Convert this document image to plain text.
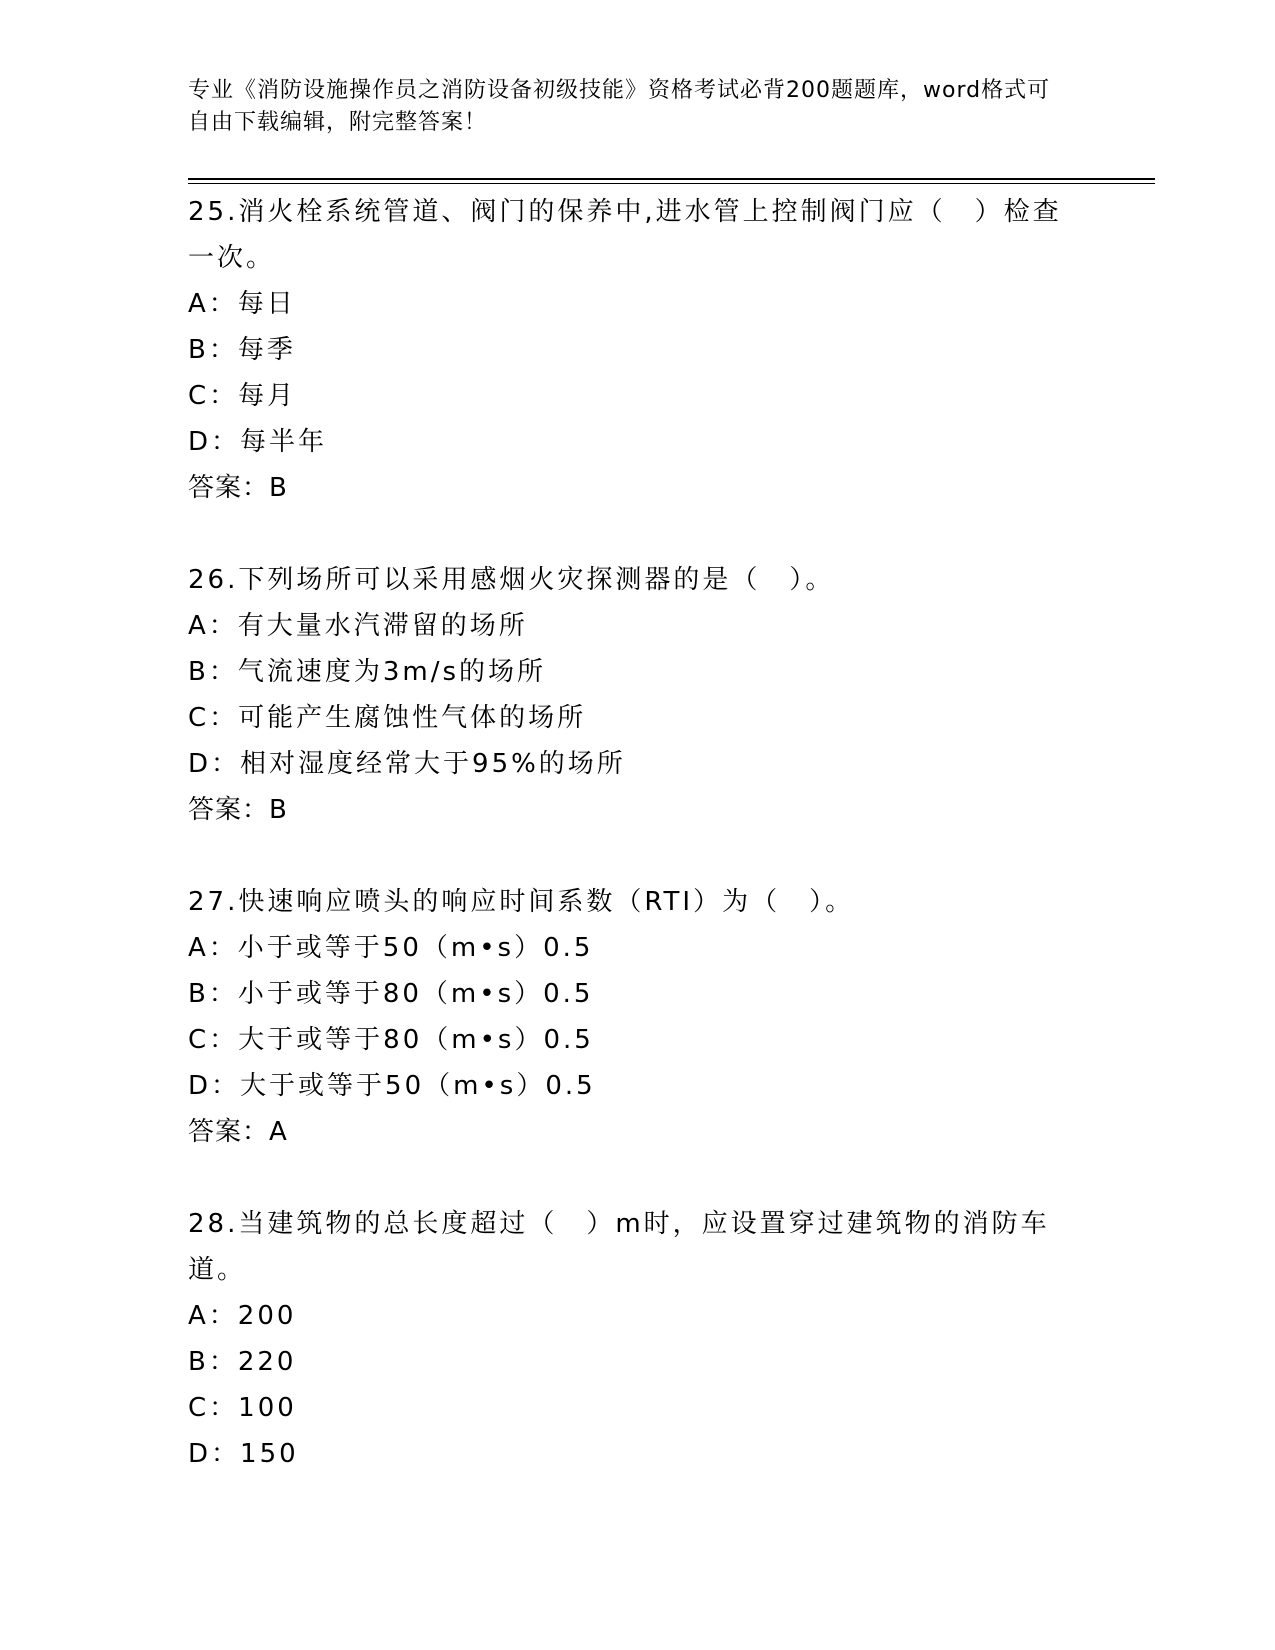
专业《消防设施操作员之消防设备初级技能》资格考试必背200题题库，word格式可自由下载编辑，附完整答案！
25.消火栓系统管道、阀门的保养中,进水管上控制阀门应（　）检查一次。
A：每日
B：每季
C：每月
D：每半年
答案：B
26.下列场所可以采用感烟火灾探测器的是（　）。
A：有大量水汽滞留的场所
B：气流速度为3m/s的场所
C：可能产生腐蚀性气体的场所
D：相对湿度经常大于95%的场所
答案：B
27.快速响应喷头的响应时间系数（RTI）为（　）。
A：小于或等于50（m•s）0.5
B：小于或等于80（m•s）0.5
C：大于或等于80（m•s）0.5
D：大于或等于50（m•s）0.5
答案：A
28.当建筑物的总长度超过（　）m时，应设置穿过建筑物的消防车道。
A：200
B：220
C：100
D：150
